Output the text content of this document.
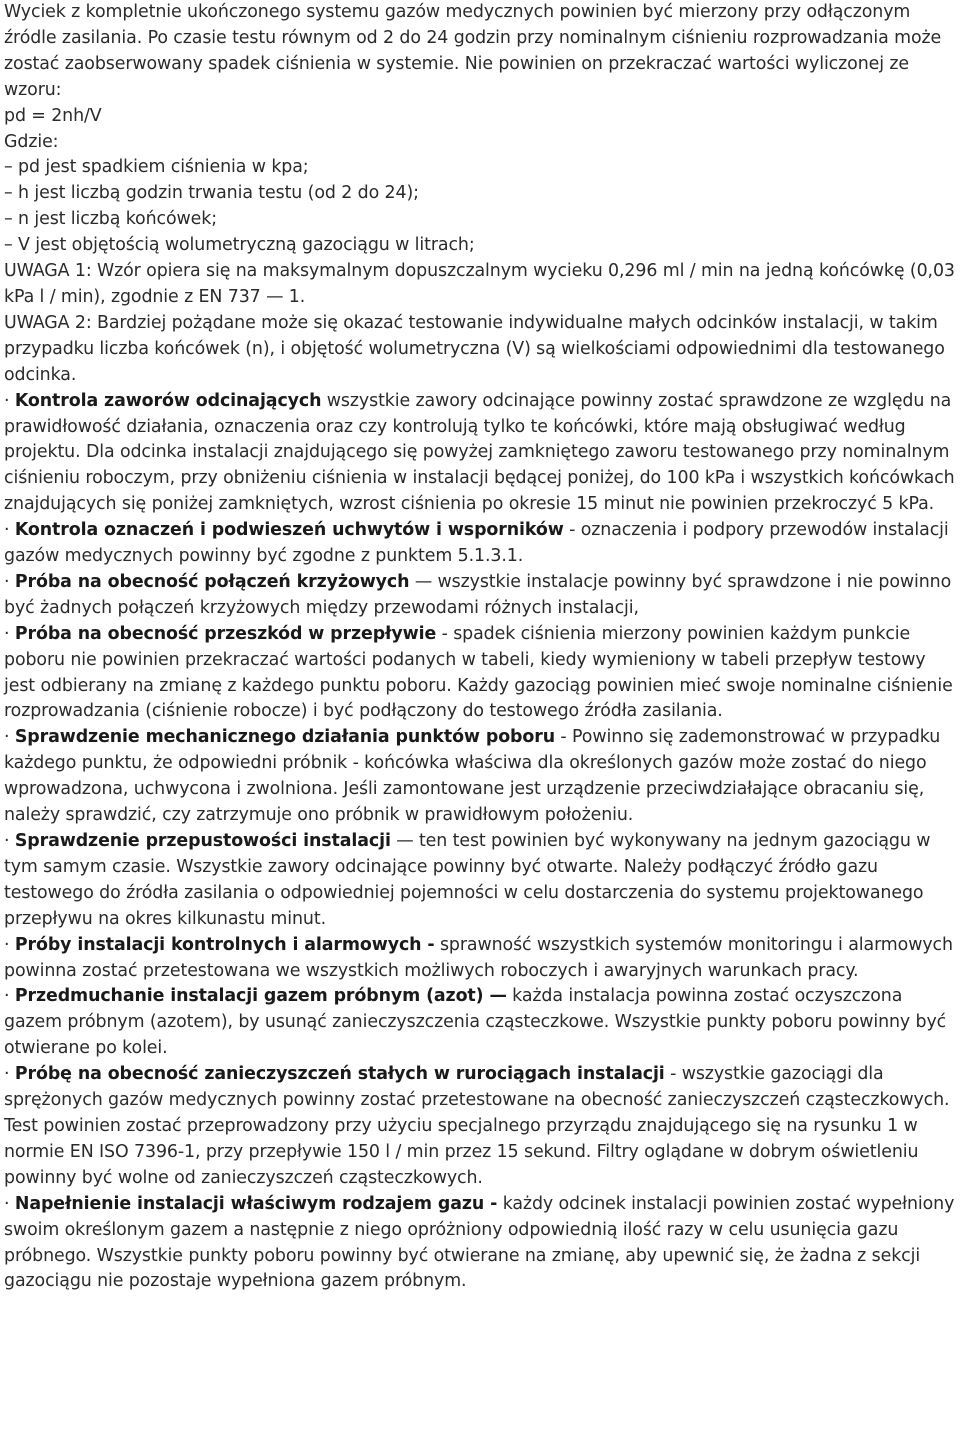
Wyciek z kompletnie ukończonego systemu gazów medycznych powinien być mierzony przy odłączonym źródle zasilania. Po czasie testu równym od 2 do 24 godzin przy nominalnym ciśnieniu rozprowadzania może zostać zaobserwowany spadek ciśnienia w systemie. Nie powinien on przekraczać wartości wyliczonej ze wzoru:

pd = 2nh/V

Gdzie:

– pd jest spadkiem ciśnienia w kpa;

– h jest liczbą godzin trwania testu (od 2 do 24);

– n jest liczbą końcówek;

– V jest objętością wolumetryczną gazociągu w litrach;

UWAGA 1: Wzór opiera się na maksymalnym dopuszczalnym wycieku 0,296 ml / min na jedną końcówkę (0,03 kPa l / min), zgodnie z EN 737 — 1.

UWAGA 2: Bardziej pożądane może się okazać testowanie indywidualne małych odcinków instalacji, w takim przypadku liczba końcówek (n), i objętość wolumetryczna (V) są wielkościami odpowiednimi dla testowanego odcinka.

· Kontrola zaworów odcinających wszystkie zawory odcinające powinny zostać sprawdzone ze względu na prawidłowość działania, oznaczenia oraz czy kontrolują tylko te końcówki, które mają obsługiwać według projektu. Dla odcinka instalacji znajdującego się powyżej zamkniętego zaworu testowanego przy nominalnym ciśnieniu roboczym, przy obniżeniu ciśnienia w instalacji będącej poniżej, do 100 kPa i wszystkich końcówkach znajdujących się poniżej zamkniętych, wzrost ciśnienia po okresie 15 minut nie powinien przekroczyć 5 kPa.

· Kontrola oznaczeń i podwieszeń uchwytów i wsporników - oznaczenia i podpory przewodów instalacji gazów medycznych powinny być zgodne z punktem 5.1.3.1.

· Próba na obecność połączeń krzyżowych — wszystkie instalacje powinny być sprawdzone i nie powinno być żadnych połączeń krzyżowych między przewodami różnych instalacji,

· Próba na obecność przeszkód w przepływie - spadek ciśnienia mierzony powinien każdym punkcie poboru nie powinien przekraczać wartości podanych w tabeli, kiedy wymieniony w tabeli przepływ testowy jest odbierany na zmianę z każdego punktu poboru. Każdy gazociąg powinien mieć swoje nominalne ciśnienie rozprowadzania (ciśnienie robocze) i być podłączony do testowego źródła zasilania.

· Sprawdzenie mechanicznego działania punktów poboru - Powinno się zademonstrować w przypadku każdego punktu, że odpowiedni próbnik - końcówka właściwa dla określonych gazów może zostać do niego wprowadzona, uchwycona i zwolniona. Jeśli zamontowane jest urządzenie przeciwdziałające obracaniu się, należy sprawdzić, czy zatrzymuje ono próbnik w prawidłowym położeniu.

· Sprawdzenie przepustowości instalacji — ten test powinien być wykonywany na jednym gazociągu w tym samym czasie. Wszystkie zawory odcinające powinny być otwarte. Należy podłączyć źródło gazu testowego do źródła zasilania o odpowiedniej pojemności w celu dostarczenia do systemu projektowanego przepływu na okres kilkunastu minut.

· Próby instalacji kontrolnych i alarmowych - sprawność wszystkich systemów monitoringu i alarmowych powinna zostać przetestowana we wszystkich możliwych roboczych i awaryjnych warunkach pracy.

· Przedmuchanie instalacji gazem próbnym (azot) — każda instalacja powinna zostać oczyszczona gazem próbnym (azotem), by usunąć zanieczyszczenia cząsteczkowe. Wszystkie punkty poboru powinny być otwierane po kolei.

· Próbę na obecność zanieczyszczeń stałych w rurociągach instalacji - wszystkie gazociągi dla sprężonych gazów medycznych powinny zostać przetestowane na obecność zanieczyszczeń cząsteczkowych. Test powinien zostać przeprowadzony przy użyciu specjalnego przyrządu znajdującego się na rysunku 1 w normie EN ISO 7396-1, przy przepływie 150 l / min przez 15 sekund. Filtry oglądane w dobrym oświetleniu powinny być wolne od zanieczyszczeń cząsteczkowych.

· Napełnienie instalacji właściwym rodzajem gazu - każdy odcinek instalacji powinien zostać wypełniony swoim określonym gazem a następnie z niego opróżniony odpowiednią ilość razy w celu usunięcia gazu próbnego. Wszystkie punkty poboru powinny być otwierane na zmianę, aby upewnić się, że żadna z sekcji gazociągu nie pozostaje wypełniona gazem próbnym.
